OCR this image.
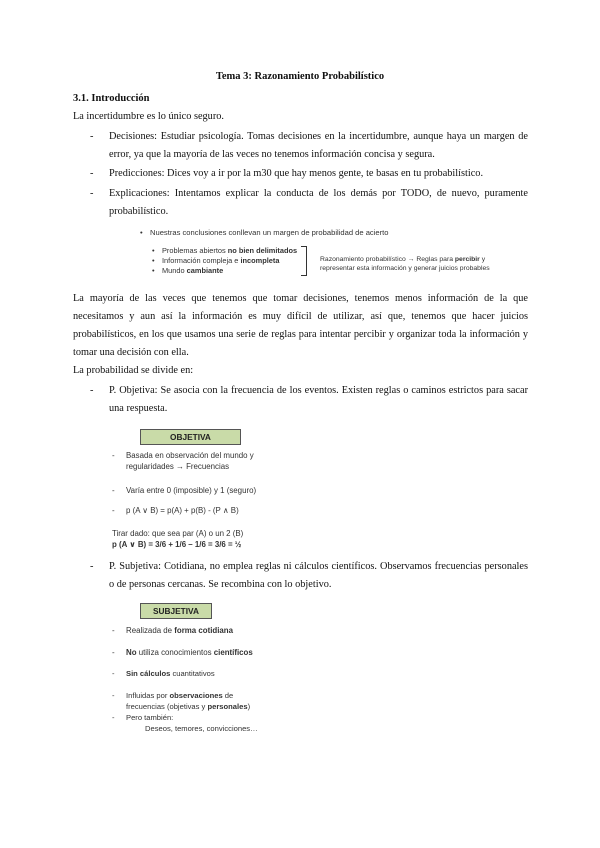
Tema 3: Razonamiento Probabilístico
3.1. Introducción
La incertidumbre es lo único seguro.
- Decisiones: Estudiar psicología. Tomas decisiones en la incertidumbre, aunque haya un margen de error, ya que la mayoría de las veces no tenemos información concisa y segura.
- Predicciones: Dices voy a ir por la m30 que hay menos gente, te basas en tu probabilístico.
- Explicaciones: Intentamos explicar la conducta de los demás por TODO, de nuevo, puramente probabilístico.
• Nuestras conclusiones conllevan un margen de probabilidad de acierto
• Problemas abiertos no bien delimitados
• Información compleja e incompleta
• Mundo cambiante
Razonamiento probabilístico → Reglas para percibir y
representar esta información y generar juicios probables
La mayoría de las veces que tenemos que tomar decisiones, tenemos menos información de la que necesitamos y aun así la información es muy difícil de utilizar, así que, tenemos que hacer juicios probabilísticos, en los que usamos una serie de reglas para intentar percibir y organizar toda la información y tomar una decisión con ella.
La probabilidad se divide en:
- P. Objetiva: Se asocia con la frecuencia de los eventos. Existen reglas o caminos estrictos para sacar una respuesta.
OBJETIVA
- Basada en observación del mundo y
regularidades → Frecuencias
- Varía entre 0 (imposible) y 1 (seguro)
- p (A ∨ B) = p(A) + p(B) - (P ∧ B)
Tirar dado: que sea par (A) o un 2 (B)
p (A ∨ B) = 3/6 + 1/6 – 1/6 = 3/6 = ½
- P. Subjetiva: Cotidiana, no emplea reglas ni cálculos científicos. Observamos frecuencias personales o de personas cercanas. Se recombina con lo objetivo.
SUBJETIVA
- Realizada de forma cotidiana
- No utiliza conocimientos científicos
- Sin cálculos cuantitativos
- Influidas por observaciones de
frecuencias (objetivas y personales)
- Pero también:
Deseos, temores, convicciones…
